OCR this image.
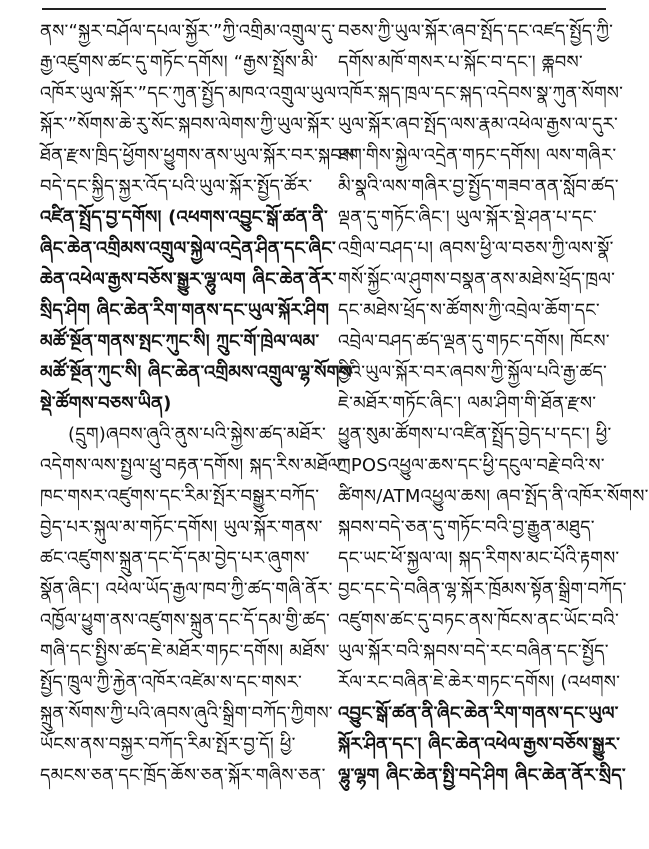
ནས་“སྐྱར་བཤོལ་དཔལ་སྐྱོར་”ཀྱི་འགྲིམ་འགྲུལ་དུ་
རྒྱ་འཛུགས་ཚང་དུ་གཏོང་དགོས། “རྒྱས་སྤྲོས་མི་
འཁོར་ཡུལ་སྐོར་”དང་ཀུན་སྤྱོད་མཁའ་འགྲུལ་ཡུལ་
སྐོར་”སོགས་ཆེ་རུ་སོང་སྐབས་ལེགས་ཀྱི་ཡུལ་སྐོར་
ཐོན་རྫས་ཁྲིད་ཕྱོགས་ཕྱུགས་ནས་ཡུལ་སྐོར་བར་སྐབས་
བདེ་དང་སྐྱིད་སྐྱར་འོད་པའི་ཡུལ་སྐོར་སྤྱོད་ཚོར་
འཛིན་སྤྲོད་བྱ་དགོས། (འཕགས་འབྱུང་སྒོ་ཚན་ནི་
ཞིང་ཆེན་འགྲིམས་འགྲུལ་སྐྱེལ་འདྲེན་ཤིན་དང་ཞིང་
ཆེན་འཕེལ་རྒྱས་བཅོས་སྒྱུར་ལྷུ་ལག ཞིང་ཆེན་ནོར་
སྲིད་ཤིག ཞིང་ཆེན་རིག་གནས་དང་ཡུལ་སྐོར་ཤིག
མཚོ་སྔོན་གནས་སྤང་ཀུང་སི། ཀྲུང་གོ་ཁྲེལ་ལམ་
མཚོ་སྔོན་ཀུང་སི། ཞིང་ཆེན་འགྲིམས་འགྲུལ་ལྷ་སོགས་
སྡེ་ཚོགས་བཅས་ཡིན)
(དྲུག)ཞབས་ཞུའི་ནུས་པའི་སྐྱེས་ཚད་མཐོར་
འདེགས་ལས་སྤྱལ་ཕྲུ་བརྟན་དགོས། སྐད་རིས་མཐོལ་
ཁང་གསར་འཛུགས་དང་རིམ་སྤོར་བསྒྱུར་བཀོད་
བྱེད་པར་སྐུལ་མ་གཏོང་དགོས། ཡུལ་སྐོར་གནས་
ཚང་འཛུགས་སྐྲུན་དང་དོ་དམ་བྱེད་པར་ཞུགས་
སྣོན་ཞིང་། འཕེལ་ཡོད་རྒྱལ་ཁབ་ཀྱི་ཚད་གཞི་ནོར་
འཁྱོལ་ཕྱུག་ནས་འཛུགས་སྐྲུན་དང་དོ་དམ་གྱི་ཚད་
གཞི་དང་སྤྱིས་ཚད་ཇེ་མཐོར་གཏང་དགོས། མཐོས་
སྤྱོད་ཁྲུལ་ཀྱི་རྐྱེན་འཁོར་འཛེམ་ས་དང་གསར་
སྐྲུན་སོགས་ཀྱི་པའི་ཞབས་ཞུའི་སྒྲིག་བཀོད་ཀྱིགས་
ཡོངས་ནས་བསྐྱར་བཀོད་རིམ་སྤོར་བྱ་དོ། ཕྱི་
དམངས་ཅན་དང་ཁྲོད་ཆོས་ཅན་སྐོར་གཞིས་ཅན་
བཅས་ཀྱི་ཡུལ་སྐོར་ཞབ་སྤོད་དང་འཛད་སྤྱོད་ཀྱི་
དགོས་མཁོ་གསར་པ་སྐོང་བ་དང་། ཆྐབས་
འཁོར་སྐད་ཁྲལ་དང་སྐད་འདེབས་སྣ་ཀུན་སོགས་
ཡུལ་སྐོར་ཞབ་སྤོད་ལས་རྣམ་འཕེལ་རྒྱས་ལ་དུར་
ཐག་གིས་སྐྱེལ་འདྲེན་གཏང་དགོས། ལས་གཞིར་
མི་སྣའི་ལས་གཞིར་བྱ་སྤྱོད་གཟབ་ནན་སློབ་ཚད་
ལྡན་དུ་གཏོང་ཞིང་། ཡུལ་སྐོར་སྡེ་ཤན་པ་དང་
འགྲིལ་བཤད་པ། ཞབས་ཕྱི་ལ་བཅས་ཀྱི་ལས་སྣོ་
གསོ་སྐྱོང་ལ་ཤུགས་བསྣན་ནས་མཐེས་ཕྲོད་ཁྲལ་
དང་མཐེས་ཕྲོད་ས་ཚོགས་ཀྱི་འབྲེལ་ཆོག་དང་
འབྲེལ་བཤད་ཚད་ལྡན་དུ་གཏང་དགོས། ཁོངས་
ཕྱིའི་ཡུལ་སྐོར་བར་ཞབས་ཀྱི་སྐྱོལ་པའི་རྒྱ་ཚད་
ཇེ་མཐོར་གཏོང་ཞིང་། ལམ་ཤིག་གི་ཐོན་རྫས་
ཕྱུན་སུམ་ཚོགས་པ་འཛིན་སྤྲོད་བྱེད་པ་དང་། ཕྱི་
ཀྲPOSའཕྱུལ་ཆས་དང་ཕྱི་དངུལ་བརྗེ་བའི་ས་
ཚིགས/ATMའཕྱུལ་ཆས། ཞབ་སྤོད་ནི་འཁོར་སོགས་
སྐབས་བདེ་ཅན་དུ་གཏོང་བའི་བྱ་རྒྱུན་མཐུད་
དང་ཡང་ཕོ་སྐྱལ་ལ། སྐད་རིགས་མང་པོའི་རྟགས་
བྱང་དང་དེ་བཞིན་ལྷ་སྐོར་ཁྲོམས་སྟོན་སྒྲིག་བཀོད་
འཛུགས་ཚང་དུ་བཏང་ནས་ཁོངས་ནང་ཡོང་བའི་
ཡུལ་སྐོར་བའི་སྐབས་བདེ་རང་བཞིན་དང་སྤྱོད་
རོལ་རང་བཞིན་ཇེ་ཆེར་གཏང་དགོས། (འཕགས་
འབྱུང་སྒོ་ཚན་ནི་ཞིང་ཆེན་རིག་གནས་དང་ཡུལ་
སྐོར་ཤིན་དང་། ཞིང་ཆེན་འཕེལ་རྒྱས་བཅོས་སྒྱུར་
ལྷུ་ལྷག ཞིང་ཆེན་སྤྱི་བདེ་ཤིག ཞིང་ཆེན་ནོར་སྲིད་
